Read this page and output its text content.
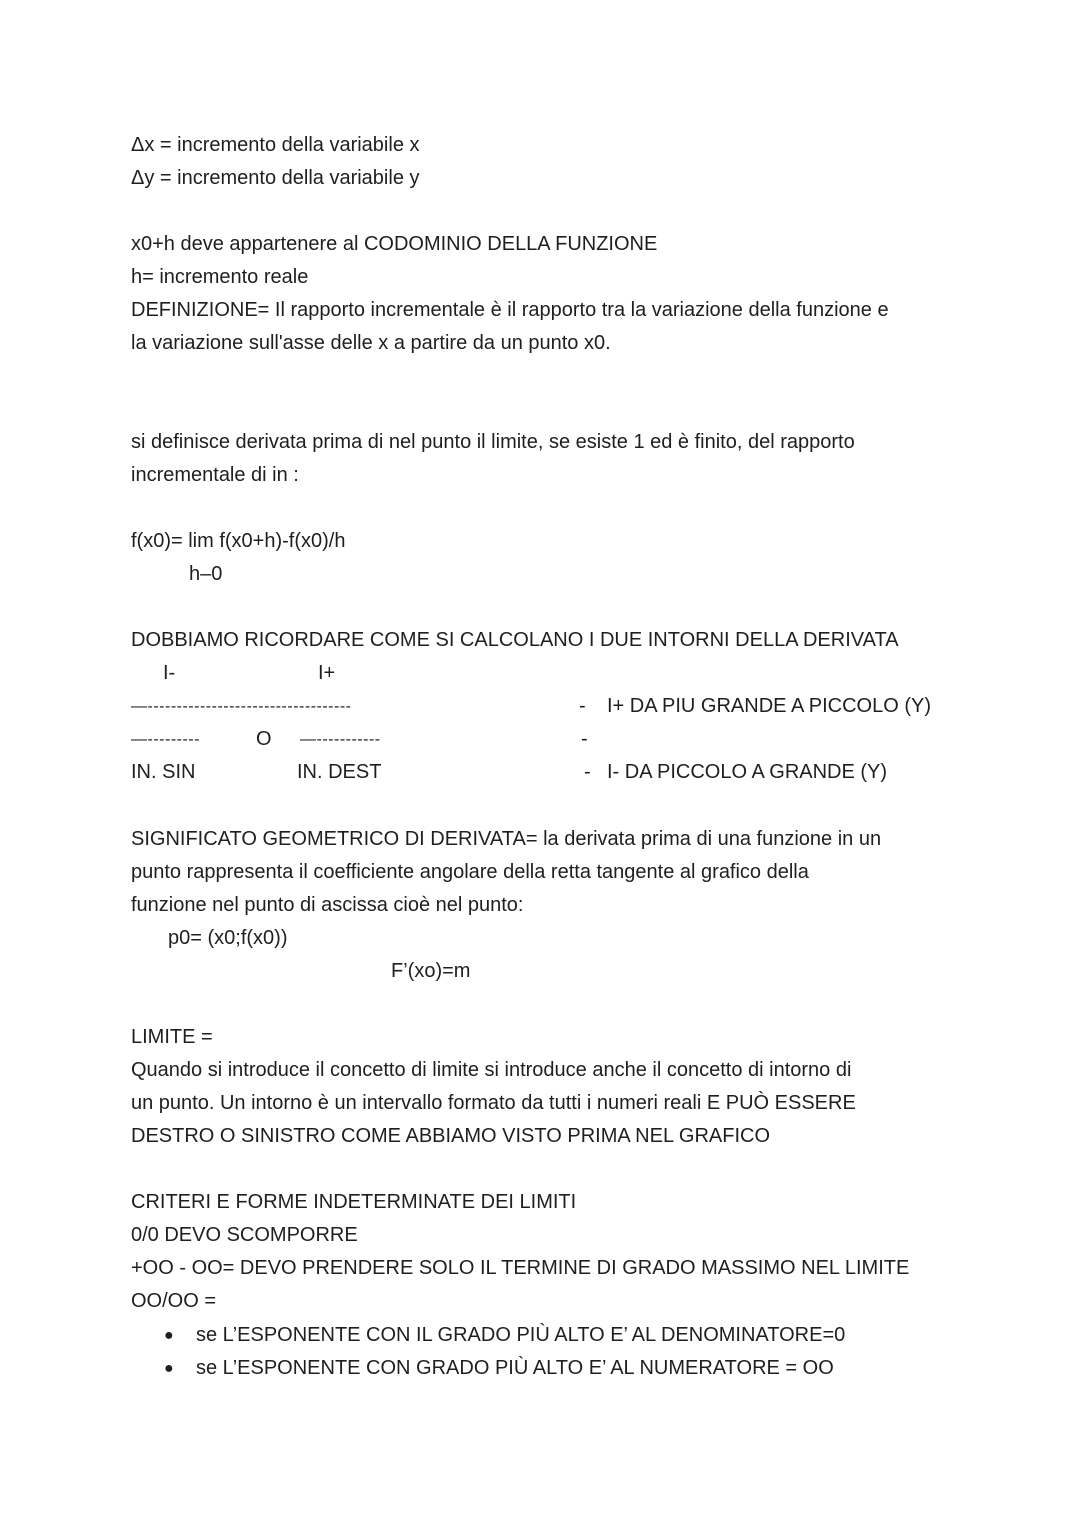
Δx = incremento della variabile x
Δy = incremento della variabile y
x0+h deve appartenere al CODOMINIO DELLA FUNZIONE
h= incremento reale
DEFINIZIONE= Il rapporto incrementale è il rapporto tra la variazione della funzione e
la variazione sull'asse delle x a partire da un punto x0.
si definisce derivata prima di nel punto il limite, se esiste 1 ed è finito, del rapporto
incrementale di in :
f(x0)= lim f(x0+h)-f(x0)/h
h–0
DOBBIAMO RICORDARE COME SI CALCOLANO I DUE INTORNI DELLA DERIVATA
I-	I+
—-----------------------------------	- I+ DA PIU GRANDE A PICCOLO (Y)
—---------	O —-----------	-
IN. SIN	IN. DEST	- I- DA PICCOLO A GRANDE (Y)
SIGNIFICATO GEOMETRICO DI DERIVATA= la derivata prima di una funzione in un
punto rappresenta il coefficiente angolare della retta tangente al grafico della
funzione nel punto di ascissa cioè nel punto:
p0= (x0;f(x0))
F’(xo)=m
LIMITE =
Quando si introduce il concetto di limite si introduce anche il concetto di intorno di
un punto. Un intorno è un intervallo formato da tutti i numeri reali E PUÒ ESSERE
DESTRO O SINISTRO COME ABBIAMO VISTO PRIMA NEL GRAFICO
CRITERI E FORME INDETERMINATE DEI LIMITI
0/0 DEVO SCOMPORRE
+OO - OO= DEVO PRENDERE SOLO IL TERMINE DI GRADO MASSIMO NEL LIMITE
OO/OO =
● se L’ESPONENTE CON IL GRADO PIÙ ALTO E’ AL DENOMINATORE=0
● se L’ESPONENTE CON GRADO PIÙ ALTO E’ AL NUMERATORE = OO
